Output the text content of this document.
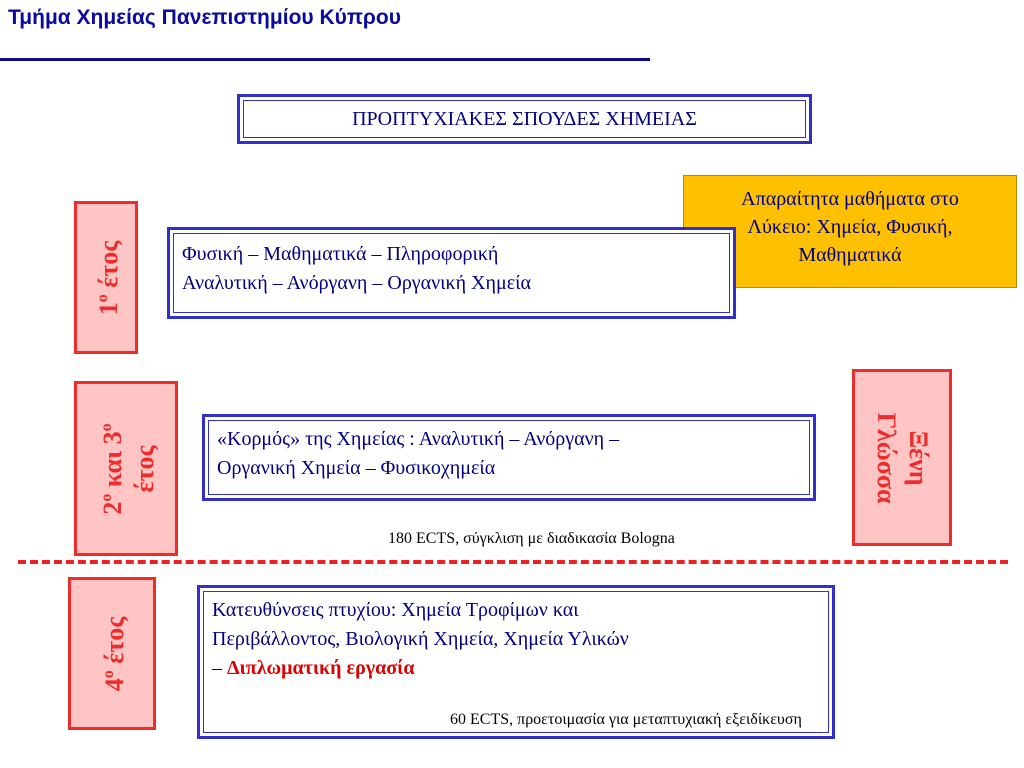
Τμήμα Χημείας Πανεπιστημίου Κύπρου
ΠΡΟΠΤΥΧΙΑΚΕΣ ΣΠΟΥΔΕΣ ΧΗΜΕΙΑΣ
Απαραίτητα μαθήματα στο
Λύκειο: Χημεία, Φυσική,
Μαθηματικά
$1^o$ έτος	Φυσική – Μαθηματικά – Πληροφορική
Αναλυτική – Ανόργανη – Οργανική Χημεία
$2^o$ και $3^o$
έτος
«Κορμός» της Χημείας : Αναλυτική – Ανόργανη –
Οργανική Χημεία – Φυσικοχημεία	Ξένη
Γλώσσα
180 ECTS, σύγκλιση με διαδικασία Bologna
$4^o$ έτος
Κατευθύνσεις πτυχίου: Χημεία Τροφίμων και
Περιβάλλοντος, Βιολογική Χημεία, Χημεία Υλικών
– Διπλωματική εργασία
60 ECTS, προετοιμασία για μεταπτυχιακή εξειδίκευση
